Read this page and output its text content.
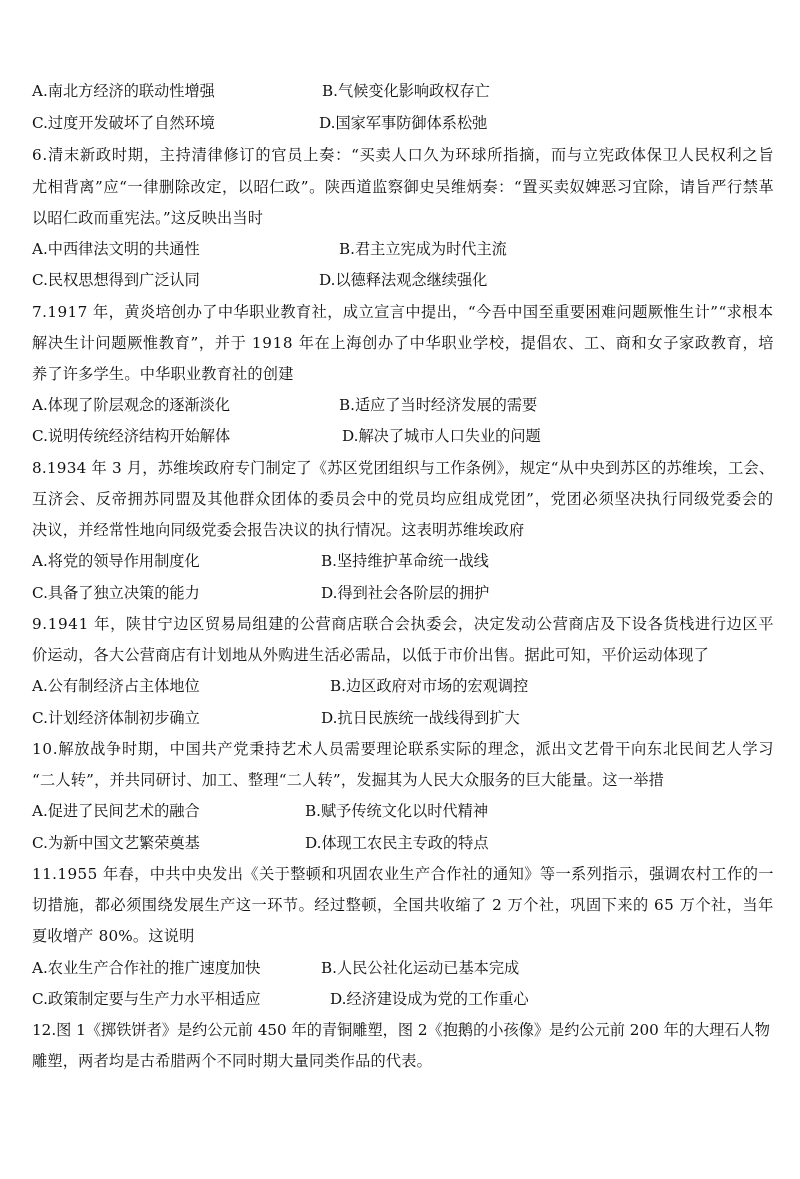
A.南北方经济的联动性增强	B.气候变化影响政权存亡
C.过度开发破坏了自然环境	D.国家军事防御体系松弛
6.清末新政时期，主持清律修订的官员上奏：“买卖人口久为环球所指摘，而与立宪政体保卫人民权利之旨
尤相背离”应“一律删除改定，以昭仁政”。陕西道监察御史吴维炳奏：“置买卖奴婢恶习宜除，请旨严行禁革
以昭仁政而重宪法。”这反映出当时
A.中西律法文明的共通性	B.君主立宪成为时代主流
C.民权思想得到广泛认同	D.以德释法观念继续强化
7.1917 年，黄炎培创办了中华职业教育社，成立宣言中提出，“今吾中国至重要困难问题厥惟生计”“求根本
解决生计问题厥惟教育”，并于 1918 年在上海创办了中华职业学校，提倡农、工、商和女子家政教育，培
养了许多学生。中华职业教育社的创建
A.体现了阶层观念的逐渐淡化	B.适应了当时经济发展的需要
C.说明传统经济结构开始解体	D.解决了城市人口失业的问题
8.1934 年 3 月，苏维埃政府专门制定了《苏区党团组织与工作条例》，规定“从中央到苏区的苏维埃，工会、
互济会、反帝拥苏同盟及其他群众团体的委员会中的党员均应组成党团”，党团必须坚决执行同级党委会的
决议，并经常性地向同级党委会报告决议的执行情况。这表明苏维埃政府
A.将党的领导作用制度化	B.坚持维护革命统一战线
C.具备了独立决策的能力	D.得到社会各阶层的拥护
9.1941 年，陕甘宁边区贸易局组建的公营商店联合会执委会，决定发动公营商店及下设各货栈进行边区平
价运动，各大公营商店有计划地从外购进生活必需品，以低于市价出售。据此可知，平价运动体现了
A.公有制经济占主体地位	B.边区政府对市场的宏观调控
C.计划经济体制初步确立	D.抗日民族统一战线得到扩大
10.解放战争时期，中国共产党秉持艺术人员需要理论联系实际的理念，派出文艺骨干向东北民间艺人学习
“二人转”，并共同研讨、加工、整理“二人转”，发掘其为人民大众服务的巨大能量。这一举措
A.促进了民间艺术的融合	B.赋予传统文化以时代精神
C.为新中国文艺繁荣奠基	D.体现工农民主专政的特点
11.1955 年春，中共中央发出《关于整顿和巩固农业生产合作社的通知》等一系列指示，强调农村工作的一
切措施，都必须围绕发展生产这一环节。经过整顿，全国共收缩了 2 万个社，巩固下来的 65 万个社，当年
夏收增产 80%。这说明
A.农业生产合作社的推广速度加快	B.人民公社化运动已基本完成
C.政策制定要与生产力水平相适应	D.经济建设成为党的工作重心
12.图 1《掷铁饼者》是约公元前 450 年的青铜雕塑，图 2《抱鹅的小孩像》是约公元前 200 年的大理石人物
雕塑，两者均是古希腊两个不同时期大量同类作品的代表。
